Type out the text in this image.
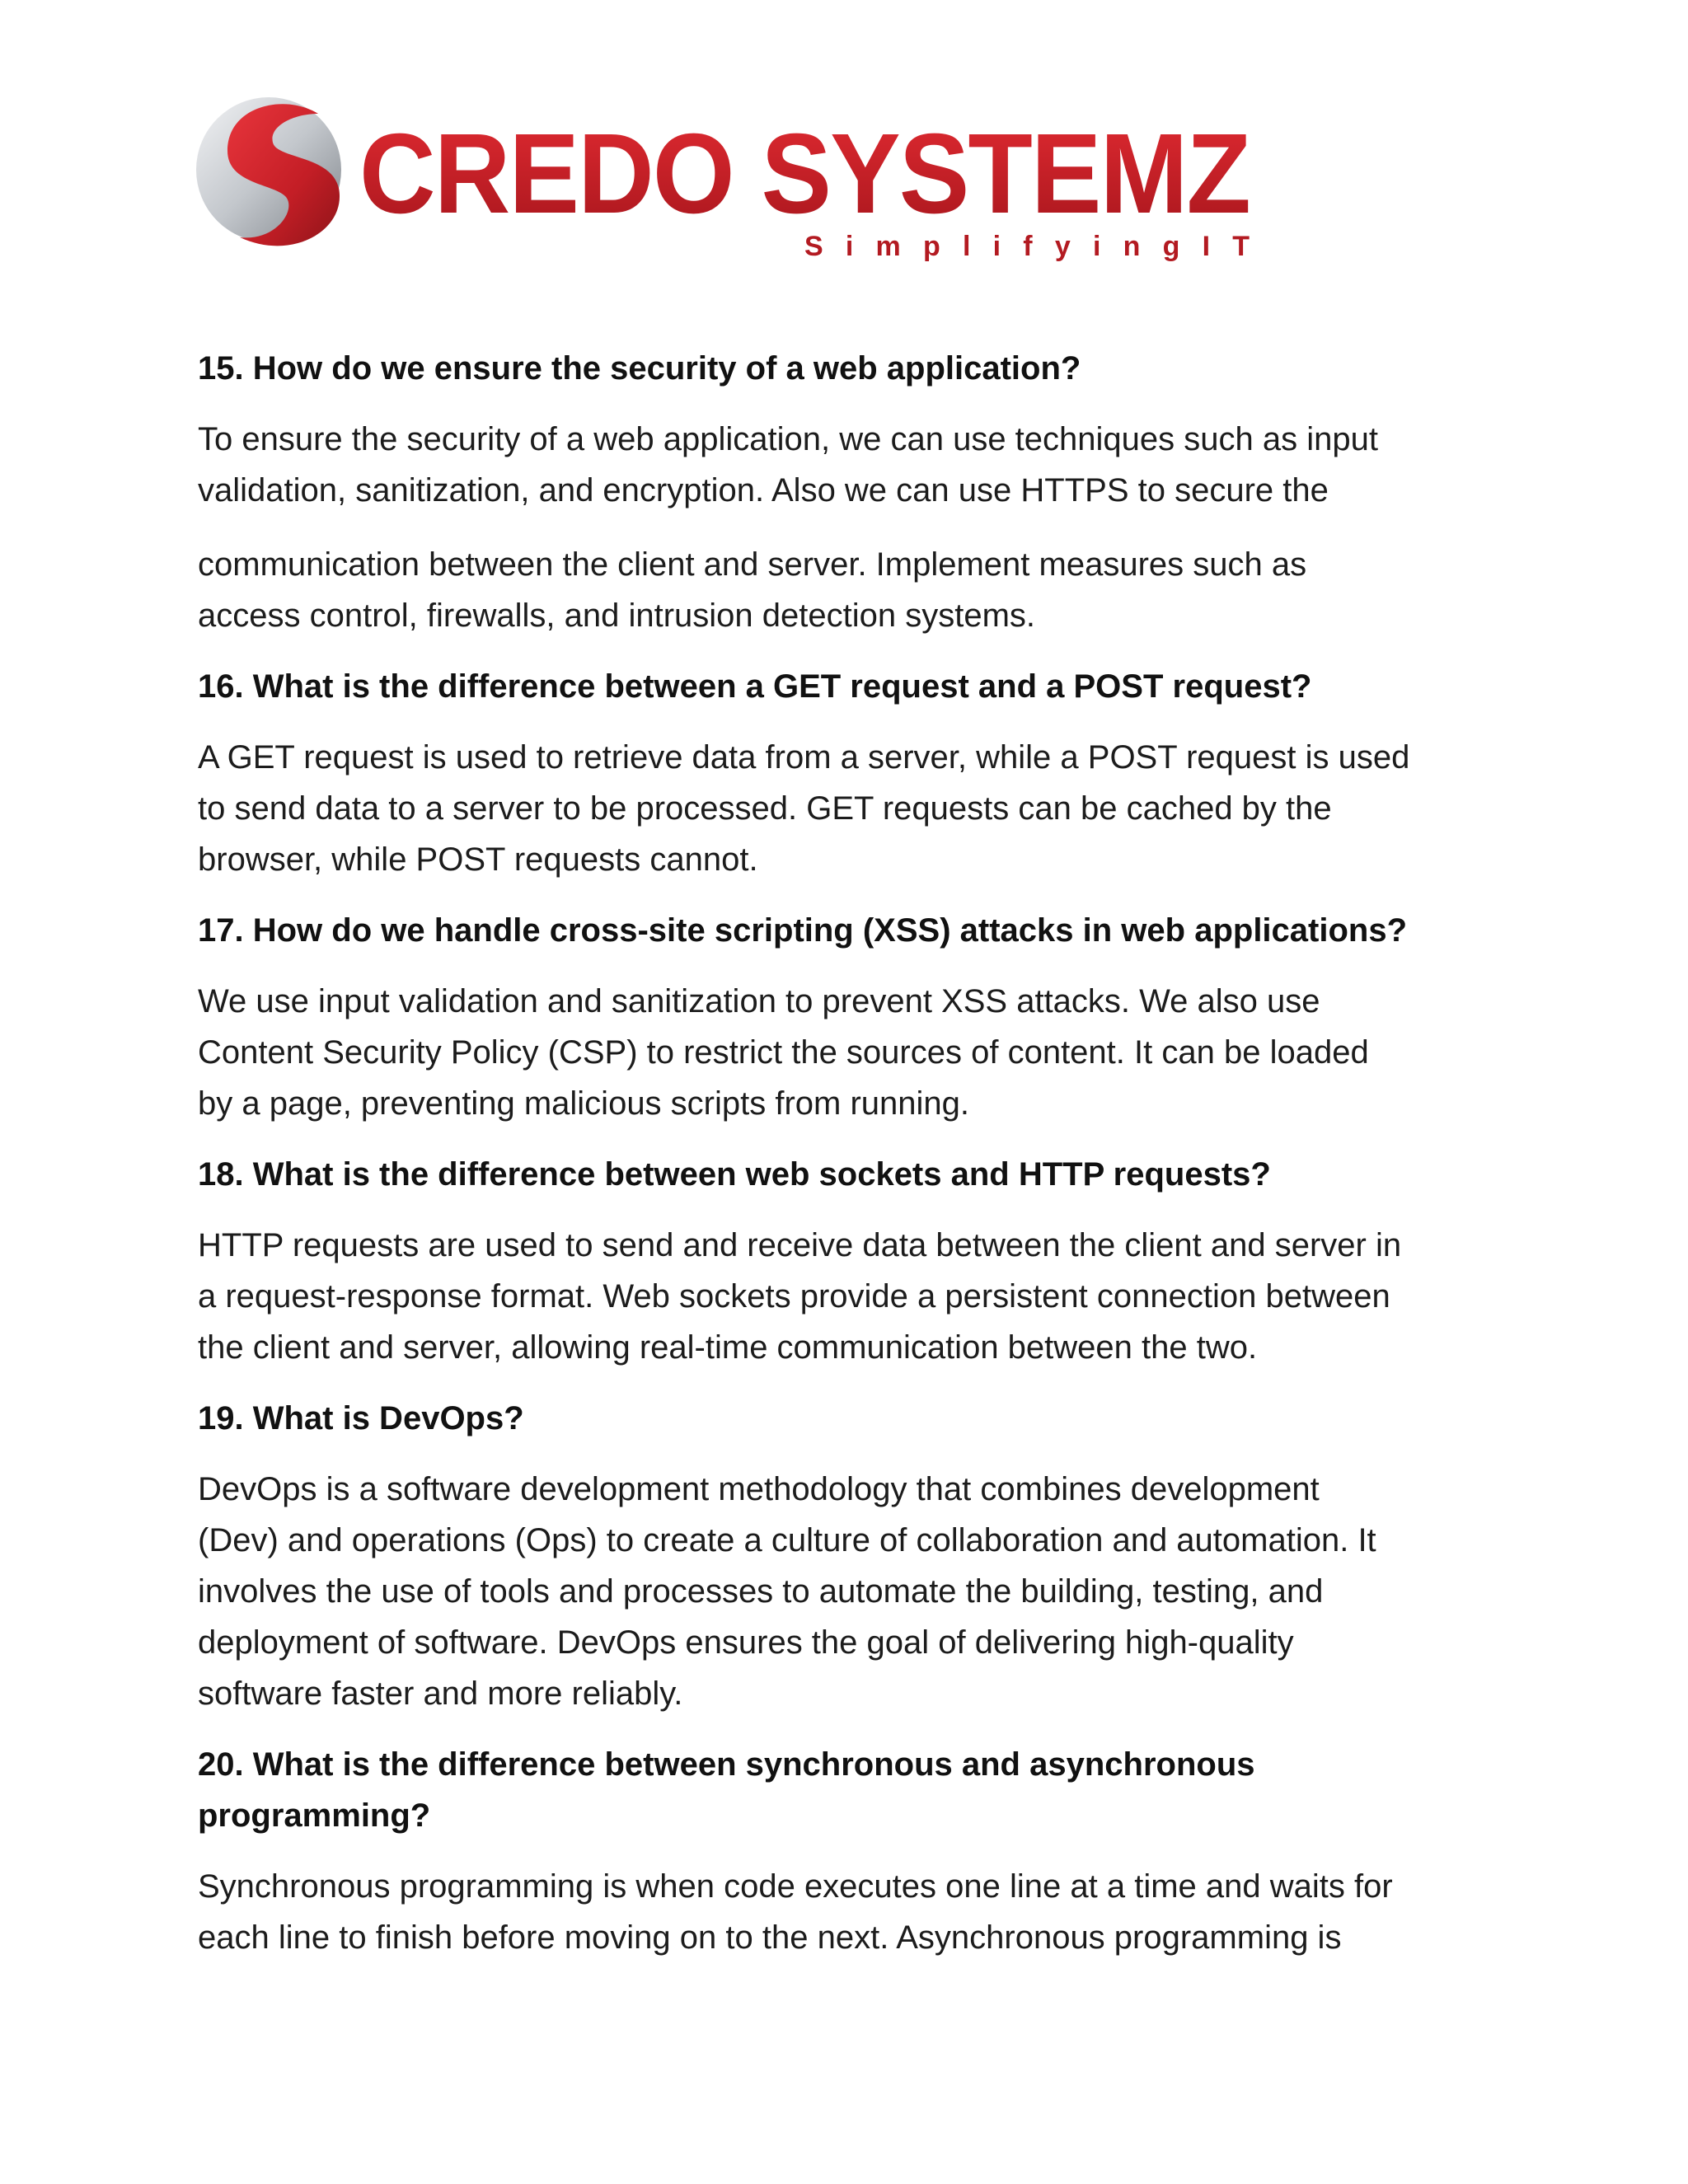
CREDO SYSTEMZ
S i m p l i f y i n g I T
15. How do we ensure the security of a web application?
To ensure the security of a web application, we can use techniques such as input
validation, sanitization, and encryption. Also we can use HTTPS to secure the
communication between the client and server. Implement measures such as
access control, firewalls, and intrusion detection systems.
16. What is the difference between a GET request and a POST request?
A GET request is used to retrieve data from a server, while a POST request is used
to send data to a server to be processed. GET requests can be cached by the
browser, while POST requests cannot.
17. How do we handle cross-site scripting (XSS) attacks in web applications?
We use input validation and sanitization to prevent XSS attacks. We also use
Content Security Policy (CSP) to restrict the sources of content. It can be loaded
by a page, preventing malicious scripts from running.
18. What is the difference between web sockets and HTTP requests?
HTTP requests are used to send and receive data between the client and server in
a request-response format. Web sockets provide a persistent connection between
the client and server, allowing real-time communication between the two.
19. What is DevOps?
DevOps is a software development methodology that combines development
(Dev) and operations (Ops) to create a culture of collaboration and automation. It
involves the use of tools and processes to automate the building, testing, and
deployment of software. DevOps ensures the goal of delivering high-quality
software faster and more reliably.
20. What is the difference between synchronous and asynchronous
programming?
Synchronous programming is when code executes one line at a time and waits for
each line to finish before moving on to the next. Asynchronous programming is
